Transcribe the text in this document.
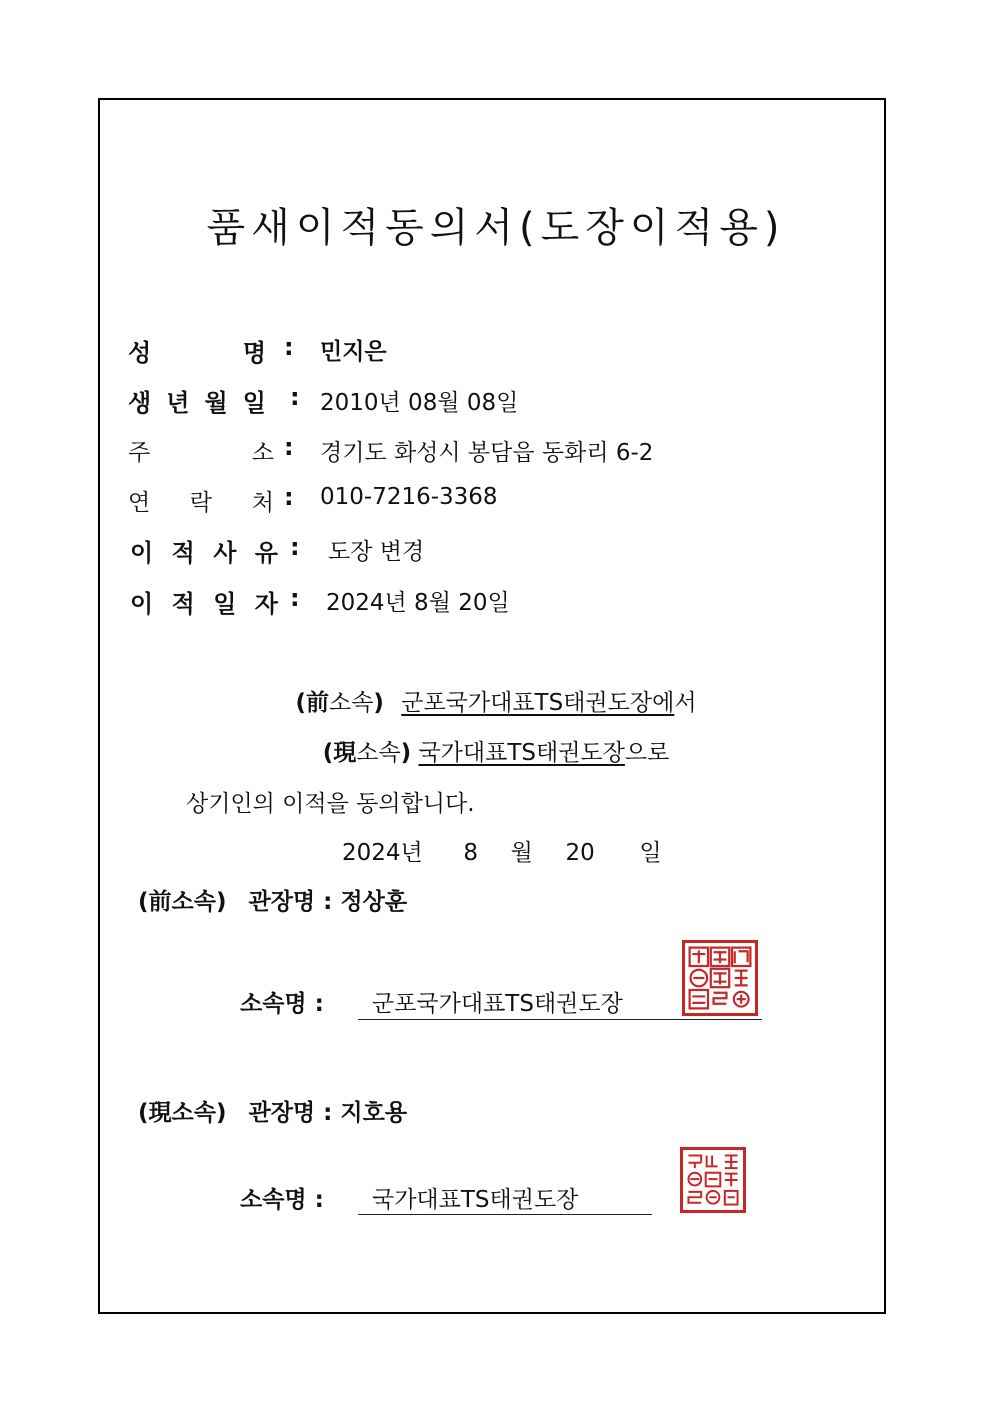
품새이적동의서(도장이적용)
성	명 : 민지은
생 년 월 일 : 2010년 08월 08일
주	소 : 경기도 화성시 봉담읍 동화리 6-2
연 락 처 : 010-7216-3368
이 적 사 유 : 도장 변경
이 적 일 자 : 2024년 8월 20일
(前소속) 군포국가대표TS태권도장에서
(現소속) 국가대표TS태권도장으로
상기인의 이적을 동의합니다.
2024년 8 월 20 일
(前소속) 관장명 : 정상훈
소속명 : 군포국가대표TS태권도장
(現소속) 관장명 : 지호용
소속명 : 국가대표TS태권도장
